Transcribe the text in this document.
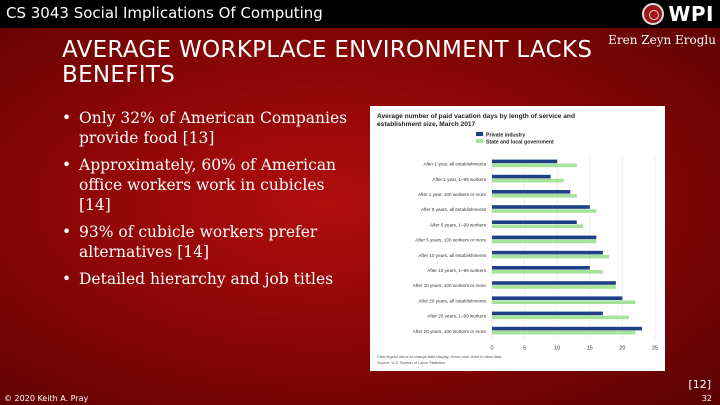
CS 3043 Social Implications Of Computing	WPI
Eren Zeyn Eroglu
AVERAGE WORKPLACE ENVIRONMENT LACKS BENEFITS
• Only 32% of American Companies provide food [13]
• Approximately, 60% of American office workers work in cubicles [14]
• 93% of cubicle workers prefer alternatives [14]
• Detailed hierarchy and job titles
Average number of paid vacation days by length of service and establishment size, March 2017
Private industry
State and local government
0	5	10	15	20	25
After 1 year, all establishments
After 1 year, 1–99 workers
After 1 year, 100 workers or more
After 5 years, all establishments
After 5 years, 1–99 workers
After 5 years, 100 workers or more
After 10 years, all establishments
After 10 years, 1–99 workers
After 10 years, 100 workers or more
After 20 years, all establishments
After 20 years, 1–99 workers
After 20 years, 100 workers or more
Click legend items to change data display. Hover over chart to view data.
Source: U.S. Bureau of Labor Statistics.
[12]
© 2020 Keith A. Pray	32
